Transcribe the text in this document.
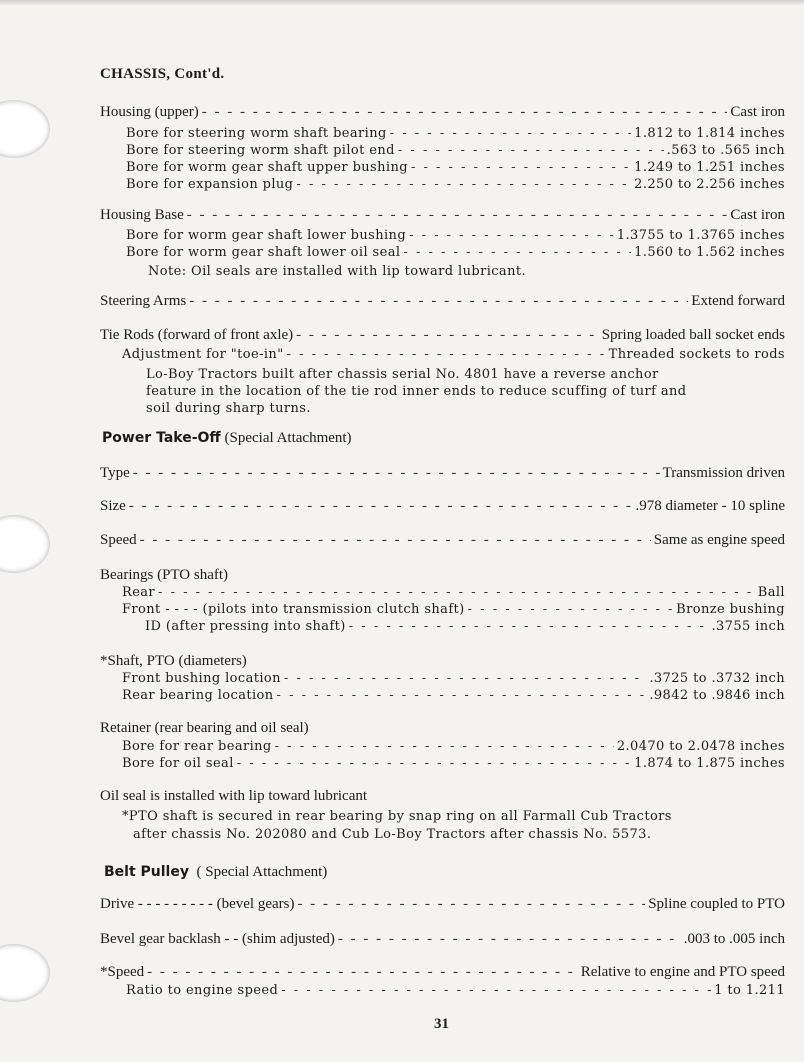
CHASSIS, Cont'd.
Housing (upper) - - -	Cast iron
Bore for steering worm shaft bearing - - -	1.812 to 1.814 inches
Bore for steering worm shaft pilot end - - -	.563 to .565 inch
Bore for worm gear shaft upper bushing - - -	1.249 to 1.251 inches
Bore for expansion plug - - -	2.250 to 2.256 inches
Housing Base - - -	Cast iron
Bore for worm gear shaft lower bushing - - -	1.3755 to 1.3765 inches
Bore for worm gear shaft lower oil seal - - -	1.560 to 1.562 inches
Steering Arms - - -	Extend forward
Tie Rods (forward of front axle) - - -	Spring loaded ball socket ends
Adjustment for "toe-in" - - -	Threaded sockets to rods
Type - - -	Transmission driven
Size - - -	.978 diameter - 10 spline
Speed - - -	Same as engine speed
Rear - - -	Ball
Front - - - - (pilots into transmission clutch shaft) - - -	Bronze bushing
ID (after pressing into shaft) - - -	.3755 inch
Front bushing location - - -	.3725 to .3732 inch
Rear bearing location - - -	.9842 to .9846 inch
Bore for rear bearing - - -	2.0470 to 2.0478 inches
Bore for oil seal - - -	1.874 to 1.875 inches
Drive - - - - - - - - - (bevel gears) - - -	Spline coupled to PTO
Bevel gear backlash - - (shim adjusted) - - -	.003 to .005 inch
*Speed - - -	Relative to engine and PTO speed
Ratio to engine speed - - -	1 to 1.211
Note: Oil seals are installed with lip toward lubricant.
Lo-Boy Tractors built after chassis serial No. 4801 have a reverse anchor
feature in the location of the tie rod inner ends to reduce scuffing of turf and
soil during sharp turns.
Power Take-Off (Special Attachment)
Bearings (PTO shaft)
*Shaft, PTO (diameters)
Retainer (rear bearing and oil seal)
Oil seal is installed with lip toward lubricant
*PTO shaft is secured in rear bearing by snap ring on all Farmall Cub Tractors
after chassis No. 202080 and Cub Lo-Boy Tractors after chassis No. 5573.
Belt Pulley ( Special Attachment)
31
